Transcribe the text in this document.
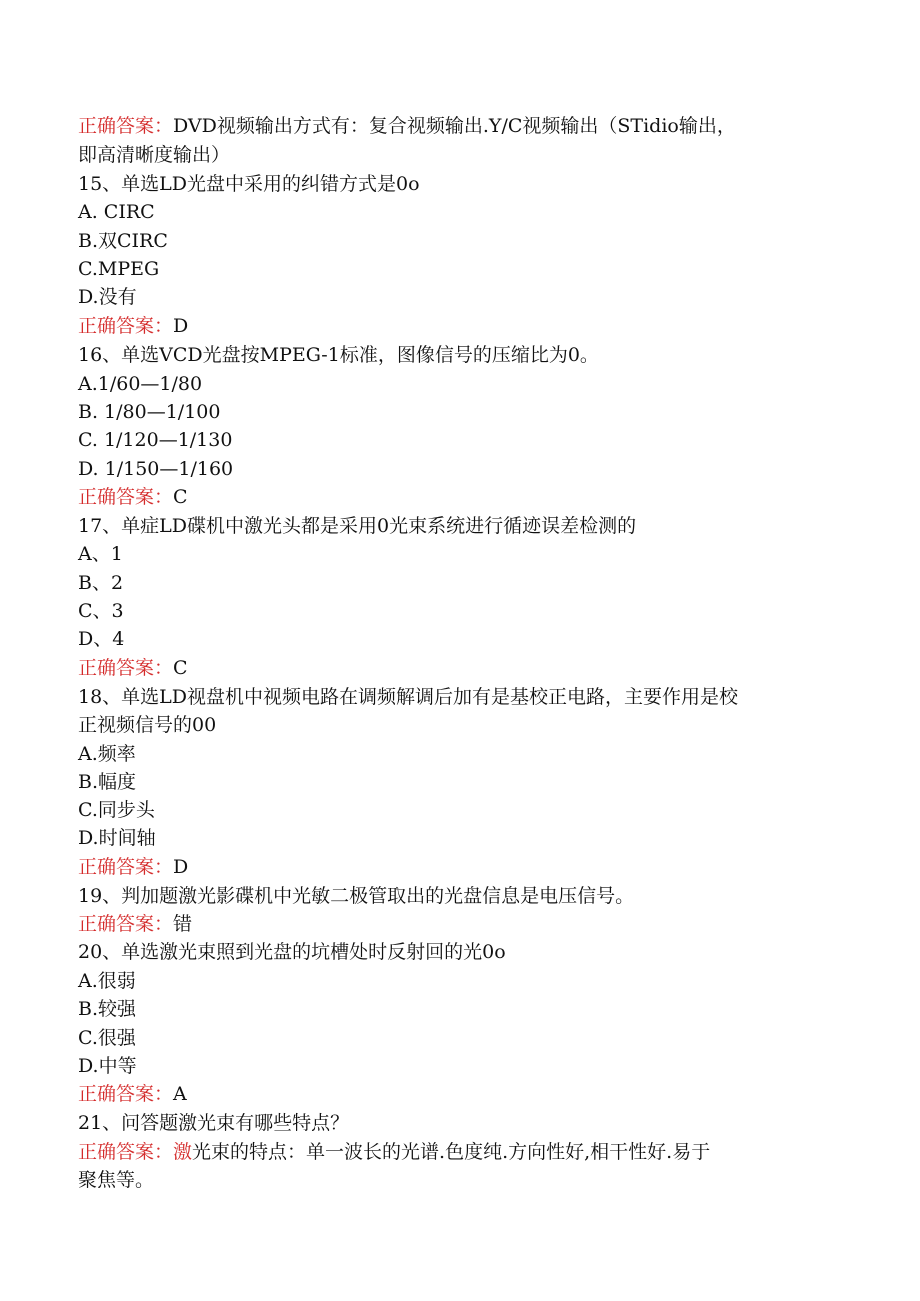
正确答案：DVD视频输出方式有：复合视频输出.Y/C视频输出（STidio输出，
即高清晰度输出）
15、单选LD光盘中采用的纠错方式是0o
A. CIRC
B.双CIRC
C.MPEG
D.没有
正确答案：D
16、单选VCD光盘按MPEG-1标准，图像信号的压缩比为0。
A.1/60—1/80
B. 1/80—1/100
C. 1/120—1/130
D. 1/150—1/160
正确答案：C
17、单症LD碟机中激光头都是采用0光束系统进行循迹误差检测的
A、1
B、2
C、3
D、4
正确答案：C
18、单选LD视盘机中视频电路在调频解调后加有是基校正电路，主要作用是校
正视频信号的00
A.频率
B.幅度
C.同步头
D.时间轴
正确答案：D
19、判加题激光影碟机中光敏二极管取出的光盘信息是电压信号。
正确答案：错
20、单选激光束照到光盘的坑槽处时反射回的光0o
A.很弱
B.较强
C.很强
D.中等
正确答案：A
21、问答题激光束有哪些特点？
正确答案：激光束的特点：单一波长的光谱.色度纯.方向性好,相干性好.易于
聚焦等。
